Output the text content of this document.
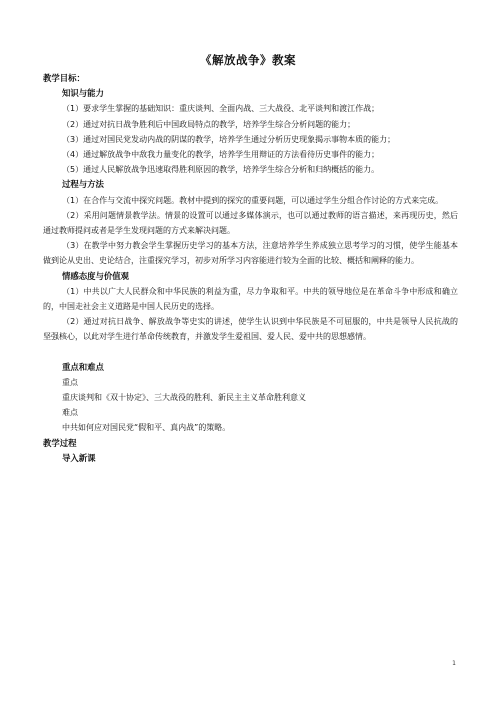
《解放战争》教案

教学目标：

知识与能力

（1）要求学生掌握的基础知识：重庆谈判、全面内战、三大战役、北平谈判和渡江作战；

（2）通过对抗日战争胜利后中国政局特点的教学，培养学生综合分析问题的能力；

（3）通过对国民党发动内战的阴谋的教学，培养学生通过分析历史现象揭示事物本质的能力；

（4）通过解放战争中敌我力量变化的教学，培养学生用辩证的方法看待历史事件的能力；

（5）通过人民解放战争迅速取得胜利原因的教学，培养学生综合分析和归纳概括的能力。

过程与方法

（1）在合作与交流中探究问题。教材中提到的探究的重要问题，可以通过学生分组合作讨论的方式来完成。

（2）采用问题情景教学法。情景的设置可以通过多媒体演示，也可以通过教师的语言描述，来再现历史，然后通过教师提问或者是学生发现问题的方式来解决问题。

（3）在教学中努力教会学生掌握历史学习的基本方法，注意培养学生养成独立思考学习的习惯，使学生能基本做到论从史出、史论结合，注重探究学习，初步对所学习内容能进行较为全面的比较、概括和阐释的能力。

情感态度与价值观

（1）中共以广大人民群众和中华民族的利益为重，尽力争取和平。中共的领导地位是在革命斗争中形成和确立的，中国走社会主义道路是中国人民历史的选择。

（2）通过对抗日战争、解放战争等史实的讲述，使学生认识到中华民族是不可屈服的，中共是领导人民抗战的坚强核心，以此对学生进行革命传统教育，并激发学生爱祖国、爱人民、爱中共的思想感情。

重点和难点

重点

重庆谈判和《双十协定》、三大战役的胜利、新民主主义革命胜利意义

难点

中共如何应对国民党“假和平、真内战”的策略。

教学过程

导入新课

1
